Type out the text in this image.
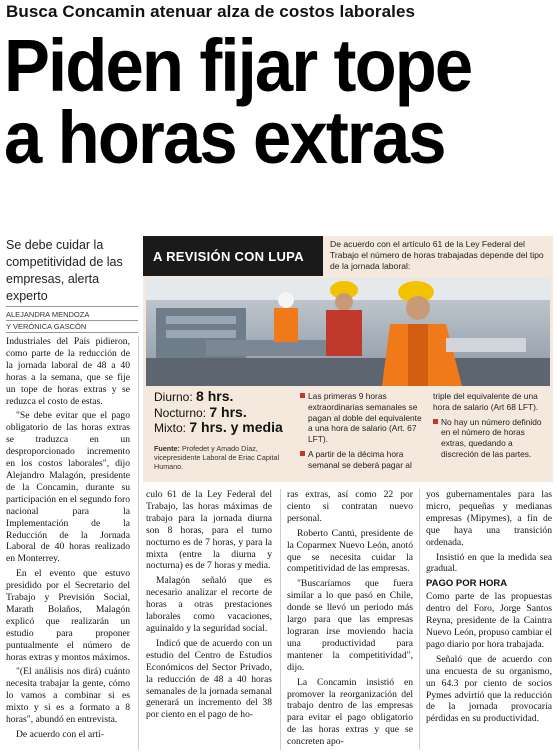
Busca Concamin atenuar alza de costos laborales
Piden fijar tope
a horas extras
Se debe cuidar la competitividad de las empresas, alerta experto
ALEJANDRA MENDOZA
Y VERÓNICA GASCÓN

Industriales del País pidieron, como parte de la reducción de la jornada laboral de 48 a 40 horas a la semana, que se fije un tope de horas extras y se reduzca el costo de estas.

"Se debe evitar que el pago obligatorio de las horas extras se traduzca en un desproporcionado incremento en los costos laborales", dijo Alejandro Malagón, presidente de la Concamin, durante su participación en el segundo foro nacional para la Implementación de la Reducción de la Jornada Laboral de 40 horas realizado en Monterrey.

En el evento que estuvo presidido por el Secretario del Trabajo y Previsión Social, Marath Bolaños, Malagón explicó que realizarán un estudio para proponer puntualmente el número de horas extras y montos máximos.

"(El análisis nos dirá) cuánto necesita trabajar la gente, cómo lo vamos a combinar si es mixto y si es a formato a 8 horas", abundó en entrevista.

De acuerdo con el artí-

A REVISIÓN CON LUPA
De acuerdo con el artículo 61 de la Ley Federal del Trabajo el número de horas trabajadas depende del tipo de la jornada laboral:
Diurno: 8 hrs.
Nocturno: 7 hrs.
Mixto: 7 hrs. y media
Fuente: Profedet y Amado Díaz, vicepresidente Laboral de Eriac Capital Humano.
Las primeras 9 horas extraordinarias semanales se pagan al doble del equivalente a una hora de salario (Art. 67 LFT).
A partir de la décima hora semanal se deberá pagar al
triple del equivalente de una hora de salario (Art 68 LFT).
No hay un número definido en el número de horas extras, quedando a discreción de las partes.

culo 61 de la Ley Federal del Trabajo, las horas máximas de trabajo para la jornada diurna son 8 horas, para el turno nocturno es de 7 horas, y para la mixta (entre la diurna y nocturna) es de 7 horas y media.

Malagón señaló que es necesario analizar el recorte de horas a otras prestaciones laborales como vacaciones, aguinaldo y la seguridad social.

Indicó que de acuerdo con un estudio del Centro de Estudios Económicos del Sector Privado, la reducción de 48 a 40 horas semanales de la jornada semanal generará un incremento del 38 por ciento en el pago de ho-

ras extras, así como 22 por ciento si contratan nuevo personal.

Roberto Cantú, presidente de la Coparmex Nuevo León, anotó que se necesita cuidar la competitividad de las empresas.

"Buscaríamos que fuera similar a lo que pasó en Chile, donde se llevó un periodo más largo para que las empresas lograran irse moviendo hacia una productividad para mantener la competitividad", dijo.

La Concamin insistió en promover la reorganización del trabajo dentro de las empresas para evitar el pago obligatorio de las horas extras y que se concreten apo-

yos gubernamentales para las micro, pequeñas y medianas empresas (Mipymes), a fin de que haya una transición ordenada.

Insistió en que la medida sea gradual.

PAGO POR HORA

Como parte de las propuestas dentro del Foro, Jorge Santos Reyna, presidente de la Caintra Nuevo León, propuso cambiar el pago diario por hora trabajada.

Señaló que de acuerdo con una encuesta de su organismo, un 64.3 por ciento de socios Pymes advirtió que la reducción de la jornada provocaría pérdidas en su productividad.
